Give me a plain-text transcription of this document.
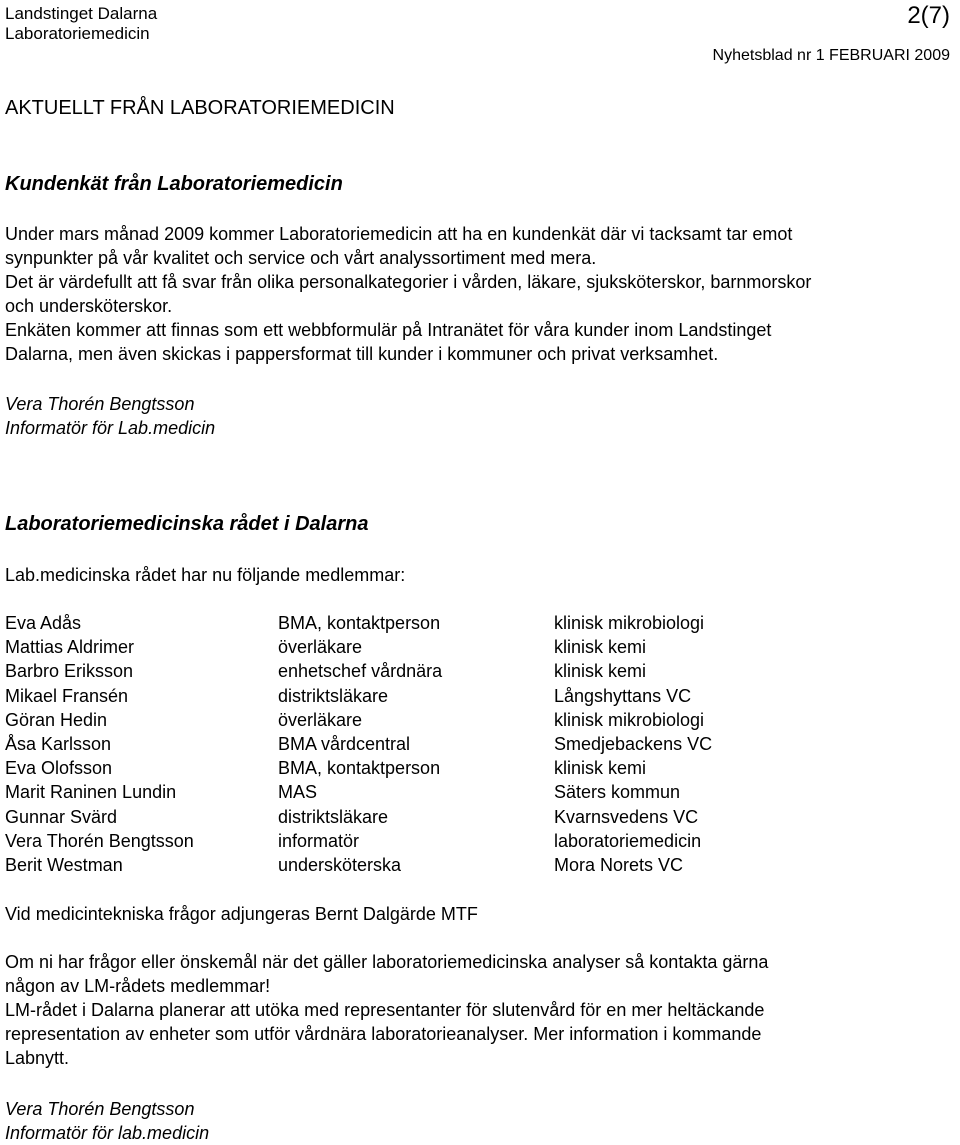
Landstinget Dalarna
Laboratoriemedicin
2(7)
Nyhetsblad nr 1 FEBRUARI 2009
AKTUELLT FRÅN LABORATORIEMEDICIN
Kundenkät från Laboratoriemedicin

Under mars månad 2009 kommer Laboratoriemedicin att ha en kundenkät där vi tacksamt tar emot

synpunkter på vår kvalitet och service och vårt analyssortiment med mera.

Det är värdefullt att få svar från olika personalkategorier i vården, läkare, sjuksköterskor, barnmorskor

och undersköterskor.

Enkäten kommer att finnas som ett webbformulär på Intranätet för våra kunder inom Landstinget

Dalarna, men även skickas i pappersformat till kunder i kommuner och privat verksamhet.

Vera Thorén Bengtsson

Informatör för Lab.medicin

Laboratoriemedicinska rådet i Dalarna
Lab.medicinska rådet har nu följande medlemmar:
Eva Adås	BMA, kontaktperson	klinisk mikrobiologi
Mattias Aldrimer	överläkare	klinisk kemi
Barbro Eriksson	enhetschef vårdnära	klinisk kemi
Mikael Fransén	distriktsläkare	Långshyttans VC
Göran Hedin	överläkare	klinisk mikrobiologi
Åsa Karlsson	BMA vårdcentral	Smedjebackens VC
Eva Olofsson	BMA, kontaktperson	klinisk kemi
Marit Raninen Lundin	MAS	Säters kommun
Gunnar Svärd	distriktsläkare	Kvarnsvedens VC
Vera Thorén Bengtsson	informatör	laboratoriemedicin
Berit Westman	undersköterska	Mora Norets VC
Vid medicintekniska frågor adjungeras Bernt Dalgärde MTF

Om ni har frågor eller önskemål när det gäller laboratoriemedicinska analyser så kontakta gärna

någon av LM-rådets medlemmar!

LM-rådet i Dalarna planerar att utöka med representanter för slutenvård för en mer heltäckande

representation av enheter som utför vårdnära laboratorieanalyser. Mer information i kommande

Labnytt.

Vera Thorén Bengtsson

Informatör för lab.medicin
